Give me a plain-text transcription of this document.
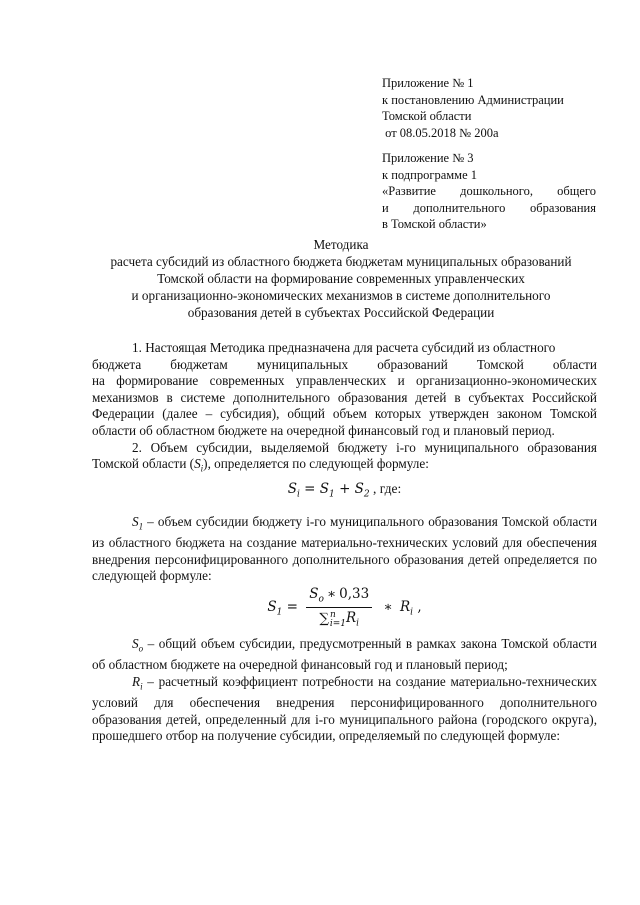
Приложение № 1
к постановлению Администрации
Томской области
от 08.05.2018 № 200а
Приложение № 3
к подпрограмме 1
«Развитие дошкольного, общего
и дополнительного образования
в Томской области»
Методика
расчета субсидий из областного бюджета бюджетам муниципальных образований
Томской области на формирование современных управленческих
и организационно-экономических механизмов в системе дополнительного
образования детей в субъектах Российской Федерации

1. Настоящая Методика предназначена для расчета субсидий из областного

бюджета бюджетам муниципальных образований Томской области

на формирование современных управленческих и организационно-экономических механизмов в системе дополнительного образования детей в субъектах Российской Федерации (далее – субсидия), общий объем которых утвержден законом Томской области об областном бюджете на очередной финансовый год и плановый период.

2. Объем субсидии, выделяемой бюджету i-го муниципального образования Томской области $(S_i)$, определяется по следующей формуле:

$S_i = S_1 + S_2$ , где:

$S_1$ – объем субсидии бюджету i-го муниципального образования Томской области из областного бюджета на создание материально-технических условий для обеспечения внедрения персонифицированного дополнительного образования детей определяется по следующей формуле:

$S_1 = \frac{S_o ∗ 0,33}{\sum^n_{i=1}R_i}$ ∗ $R_i$ ,

$S_o$ – общий объем субсидии, предусмотренный в рамках закона Томской области об областном бюджете на очередной финансовый год и плановый период;

$R_i$ – расчетный коэффициент потребности на создание материально-технических условий для обеспечения внедрения персонифицированного дополнительного образования детей, определенный для i-го муниципального района (городского округа), прошедшего отбор на получение субсидии, определяемый по следующей формуле:
